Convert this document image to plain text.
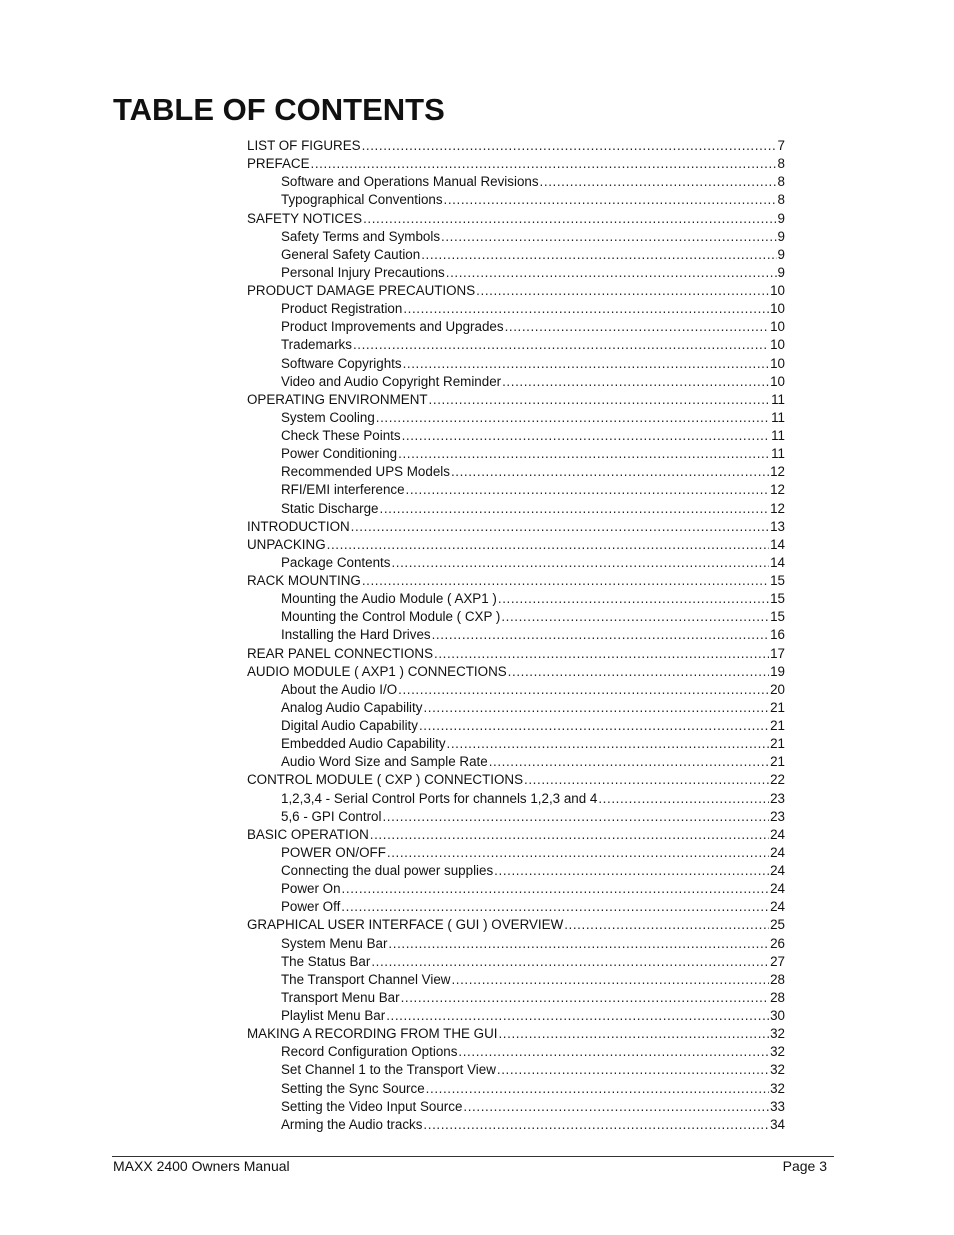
TABLE OF CONTENTS
LIST OF FIGURES .....	7
PREFACE .....	8
Software and Operations Manual Revisions .....	8
Typographical Conventions .....	8
SAFETY NOTICES .....	9
Safety Terms and Symbols .....	9
General Safety Caution .....	9
Personal Injury Precautions .....	9
PRODUCT DAMAGE PRECAUTIONS .....	10
Product Registration .....	10
Product Improvements and Upgrades .....	10
Trademarks .....	10
Software Copyrights .....	10
Video and Audio Copyright Reminder .....	10
OPERATING ENVIRONMENT .....	11
System Cooling .....	11
Check These Points .....	11
Power Conditioning .....	11
Recommended UPS Models .....	12
RFI/EMI interference .....	12
Static Discharge .....	12
INTRODUCTION .....	13
UNPACKING .....	14
Package Contents .....	14
RACK MOUNTING .....	15
Mounting the Audio Module ( AXP1 ) .....	15
Mounting the Control Module ( CXP ) .....	15
Installing the Hard Drives .....	16
REAR PANEL CONNECTIONS .....	17
AUDIO MODULE ( AXP1 ) CONNECTIONS .....	19
About the Audio I/O .....	20
Analog Audio Capability .....	21
Digital Audio Capability .....	21
Embedded Audio Capability .....	21
Audio Word Size and Sample Rate .....	21
CONTROL MODULE ( CXP ) CONNECTIONS .....	22
1,2,3,4 - Serial Control Ports for channels 1,2,3 and 4 .....	23
5,6 - GPI Control .....	23
BASIC OPERATION .....	24
POWER ON/OFF .....	24
Connecting the dual power supplies .....	24
Power On .....	24
Power Off .....	24
GRAPHICAL USER INTERFACE ( GUI ) OVERVIEW .....	25
System Menu Bar .....	26
The Status Bar .....	27
The Transport Channel View .....	28
Transport Menu Bar .....	28
Playlist Menu Bar .....	30
MAKING A RECORDING FROM THE GUI .....	32
Record Configuration Options .....	32
Set Channel 1 to the Transport View .....	32
Setting the Sync Source .....	32
Setting the Video Input Source .....	33
Arming the Audio tracks .....	34
MAXX 2400 Owners Manual	Page 3
